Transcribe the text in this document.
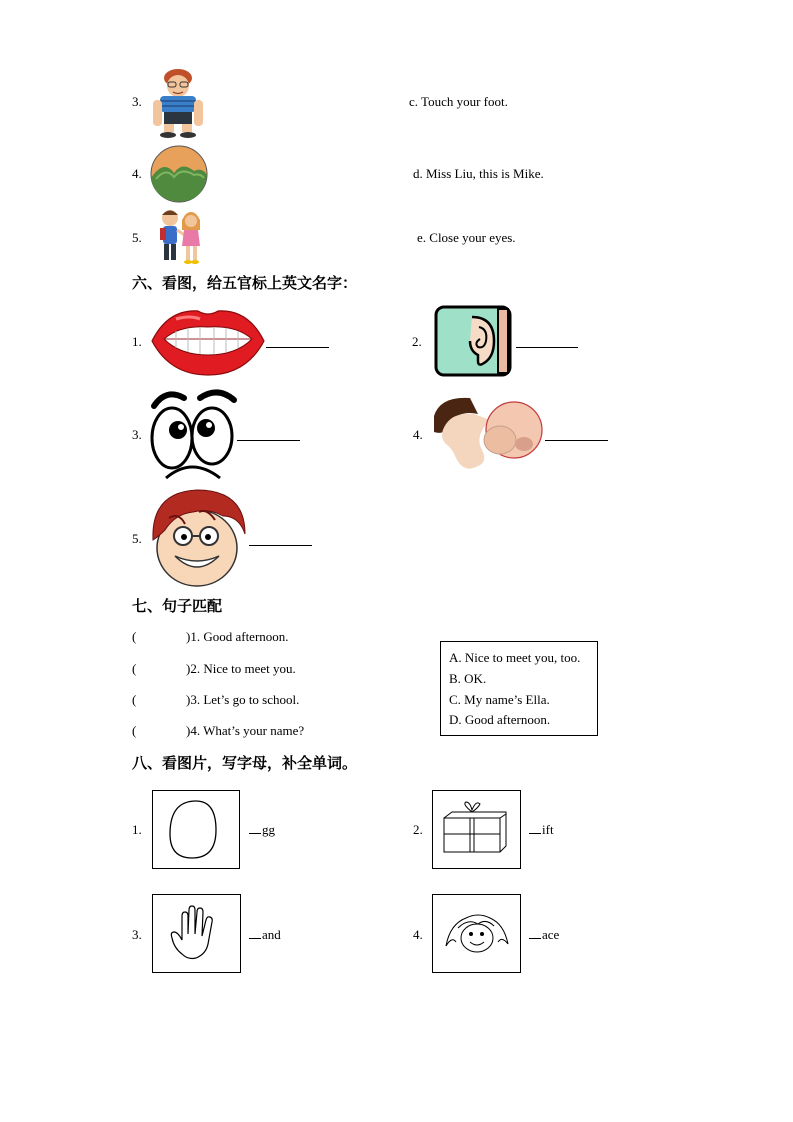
3.	c. Touch your foot.
4.	d. Miss Liu, this is Mike.
5.	e. Close your eyes.
六、看图，给五官标上英文名字：
1.	2.
3.	4.
5.
七、句子匹配
(	)1. Good afternoon.
(	)2. Nice to meet you.
(	)3. Let’s go to school.
(	)4. What’s your name?
A. Nice to meet you, too.
B. OK.
C. My name’s Ella.
D. Good afternoon.
八、看图片，写字母，补全单词。
1.	gg	2.	ift
3.	and	4.	ace
